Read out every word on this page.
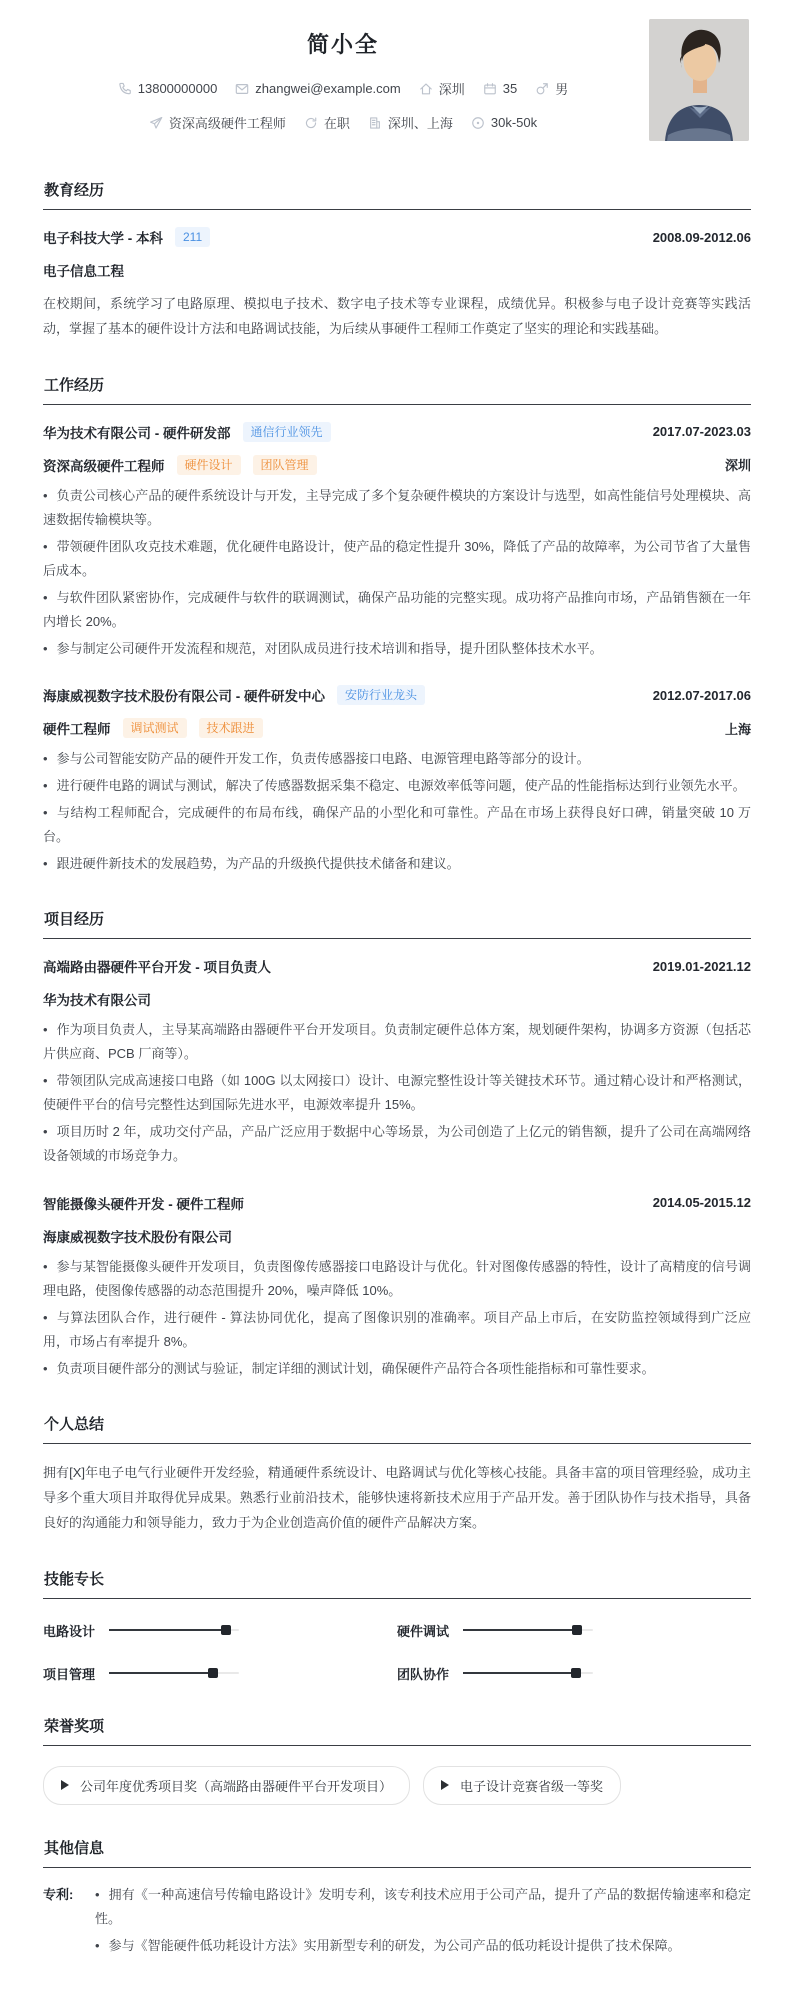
简小全
13800000000	zhangwei@example.com	深圳	35	男
资深高级硬件工程师	在职	深圳、上海	30k-50k
教育经历
电子科技大学 - 本科	211	2008.09-2012.06
电子信息工程

在校期间，系统学习了电路原理、模拟电子技术、数字电子技术等专业课程，成绩优异。积极参与电子设计竞赛等实践活动，掌握了基本的硬件设计方法和电路调试技能，为后续从事硬件工程师工作奠定了坚实的理论和实践基础。

工作经历
华为技术有限公司 - 硬件研发部	通信行业领先	2017.07-2023.03
资深高级硬件工程师	硬件设计	团队管理	深圳

• 负责公司核心产品的硬件系统设计与开发，主导完成了多个复杂硬件模块的方案设计与选型，如高性能信号处理模块、高速数据传输模块等。

• 带领硬件团队攻克技术难题，优化硬件电路设计，使产品的稳定性提升 30%，降低了产品的故障率，为公司节省了大量售后成本。

• 与软件团队紧密协作，完成硬件与软件的联调测试，确保产品功能的完整实现。成功将产品推向市场，产品销售额在一年内增长 20%。

• 参与制定公司硬件开发流程和规范，对团队成员进行技术培训和指导，提升团队整体技术水平。

海康威视数字技术股份有限公司 - 硬件研发中心	安防行业龙头	2012.07-2017.06
硬件工程师	调试测试	技术跟进	上海

• 参与公司智能安防产品的硬件开发工作，负责传感器接口电路、电源管理电路等部分的设计。

• 进行硬件电路的调试与测试，解决了传感器数据采集不稳定、电源效率低等问题，使产品的性能指标达到行业领先水平。

• 与结构工程师配合，完成硬件的布局布线，确保产品的小型化和可靠性。产品在市场上获得良好口碑，销量突破 10 万台。

• 跟进硬件新技术的发展趋势，为产品的升级换代提供技术储备和建议。

项目经历
高端路由器硬件平台开发 - 项目负责人	2019.01-2021.12
华为技术有限公司

• 作为项目负责人，主导某高端路由器硬件平台开发项目。负责制定硬件总体方案，规划硬件架构，协调多方资源（包括芯片供应商、PCB 厂商等）。

• 带领团队完成高速接口电路（如 100G 以太网接口）设计、电源完整性设计等关键技术环节。通过精心设计和严格测试，使硬件平台的信号完整性达到国际先进水平，电源效率提升 15%。

• 项目历时 2 年，成功交付产品，产品广泛应用于数据中心等场景，为公司创造了上亿元的销售额，提升了公司在高端网络设备领域的市场竞争力。

智能摄像头硬件开发 - 硬件工程师	2014.05-2015.12
海康威视数字技术股份有限公司

• 参与某智能摄像头硬件开发项目，负责图像传感器接口电路设计与优化。针对图像传感器的特性，设计了高精度的信号调理电路，使图像传感器的动态范围提升 20%，噪声降低 10%。

• 与算法团队合作，进行硬件 - 算法协同优化，提高了图像识别的准确率。项目产品上市后，在安防监控领域得到广泛应用，市场占有率提升 8%。

• 负责项目硬件部分的测试与验证，制定详细的测试计划，确保硬件产品符合各项性能指标和可靠性要求。

个人总结

拥有[X]年电子电气行业硬件开发经验，精通硬件系统设计、电路调试与优化等核心技能。具备丰富的项目管理经验，成功主导多个重大项目并取得优异成果。熟悉行业前沿技术，能够快速将新技术应用于产品开发。善于团队协作与技术指导，具备良好的沟通能力和领导能力，致力于为企业创造高价值的硬件产品解决方案。

技能专长
电路设计	硬件调试
项目管理	团队协作
荣誉奖项
公司年度优秀项目奖（高端路由器硬件平台开发项目）	电子设计竞赛省级一等奖
其他信息
专利:	• 拥有《一种高速信号传输电路设计》发明专利，该专利技术应用于公司产品，提升了产品的数据传输速率和稳定性。

• 参与《智能硬件低功耗设计方法》实用新型专利的研发，为公司产品的低功耗设计提供了技术保障。
